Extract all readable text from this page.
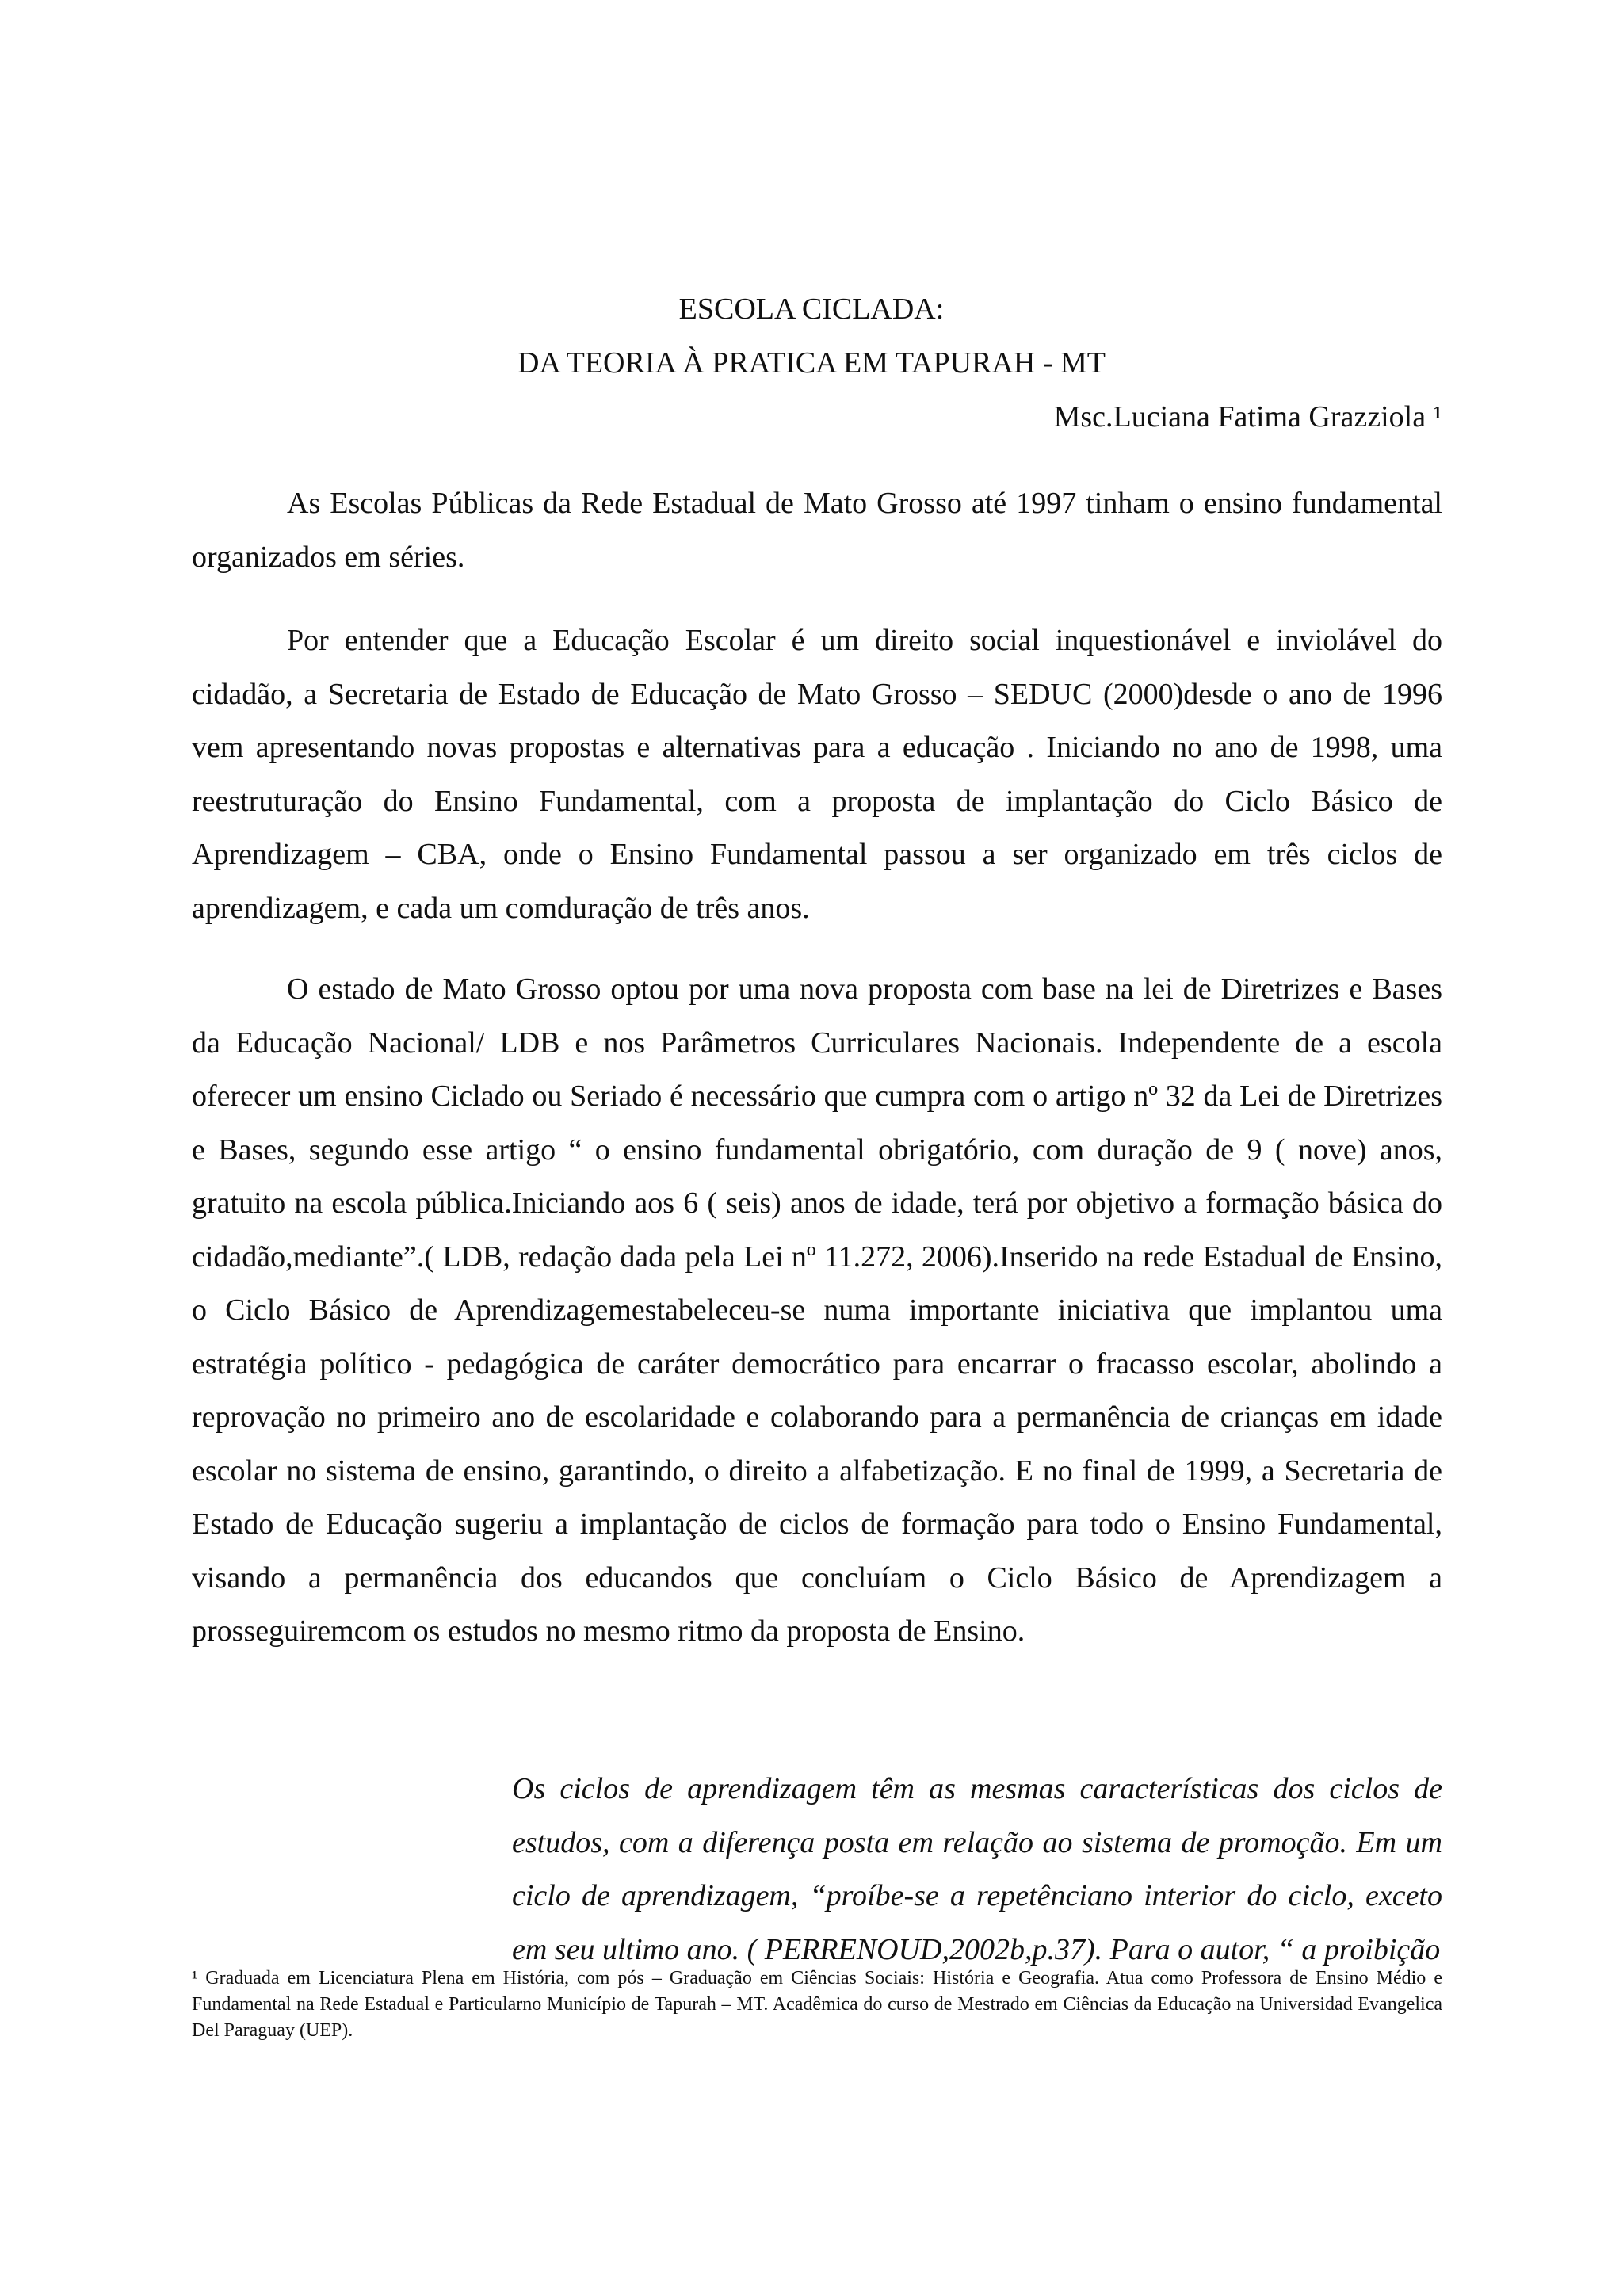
ESCOLA CICLADA:
DA TEORIA À PRATICA EM TAPURAH - MT
Msc.Luciana Fatima Grazziola ¹

As Escolas Públicas da Rede Estadual de Mato Grosso até 1997 tinham o ensino fundamental organizados em séries.

Por entender que a Educação Escolar é um direito social inquestionável e inviolável do cidadão, a Secretaria de Estado de Educação de Mato Grosso – SEDUC (2000)desde o ano de 1996 vem apresentando novas propostas e alternativas para a educação . Iniciando no ano de 1998, uma reestruturação do Ensino Fundamental, com a proposta de implantação do Ciclo Básico de Aprendizagem – CBA, onde o Ensino Fundamental passou a ser organizado em três ciclos de aprendizagem, e cada um comduração de três anos.

O estado de Mato Grosso optou por uma nova proposta com base na lei de Diretrizes e Bases da Educação Nacional/ LDB e nos Parâmetros Curriculares Nacionais. Independente de a escola oferecer um ensino Ciclado ou Seriado é necessário que cumpra com o artigo nº 32 da Lei de Diretrizes e Bases, segundo esse artigo “ o ensino fundamental obrigatório, com duração de 9 ( nove) anos, gratuito na escola pública.Iniciando aos 6 ( seis) anos de idade, terá por objetivo a formação básica do cidadão,mediante”.( LDB, redação dada pela Lei nº 11.272, 2006).Inserido na rede Estadual de Ensino, o Ciclo Básico de Aprendizagemestabeleceu-se numa importante iniciativa que implantou uma estratégia político - pedagógica de caráter democrático para encarrar o fracasso escolar, abolindo a reprovação no primeiro ano de escolaridade e colaborando para a permanência de crianças em idade escolar no sistema de ensino, garantindo, o direito a alfabetização. E no final de 1999, a Secretaria de Estado de Educação sugeriu a implantação de ciclos de formação para todo o Ensino Fundamental, visando a permanência dos educandos que concluíam o Ciclo Básico de Aprendizagem a prosseguiremcom os estudos no mesmo ritmo da proposta de Ensino.

Os ciclos de aprendizagem têm as mesmas características dos ciclos de estudos, com a diferença posta em relação ao sistema de promoção. Em um ciclo de aprendizagem, “proíbe-se a repetênciano interior do ciclo, exceto em seu ultimo ano. ( PERRENOUD,2002b,p.37). Para o autor, “ a proibição

¹ Graduada em Licenciatura Plena em História, com pós – Graduação em Ciências Sociais: História e Geografia. Atua como Professora de Ensino Médio e Fundamental na Rede Estadual e Particularno Município de Tapurah – MT. Acadêmica do curso de Mestrado em Ciências da Educação na Universidad Evangelica Del Paraguay (UEP).
